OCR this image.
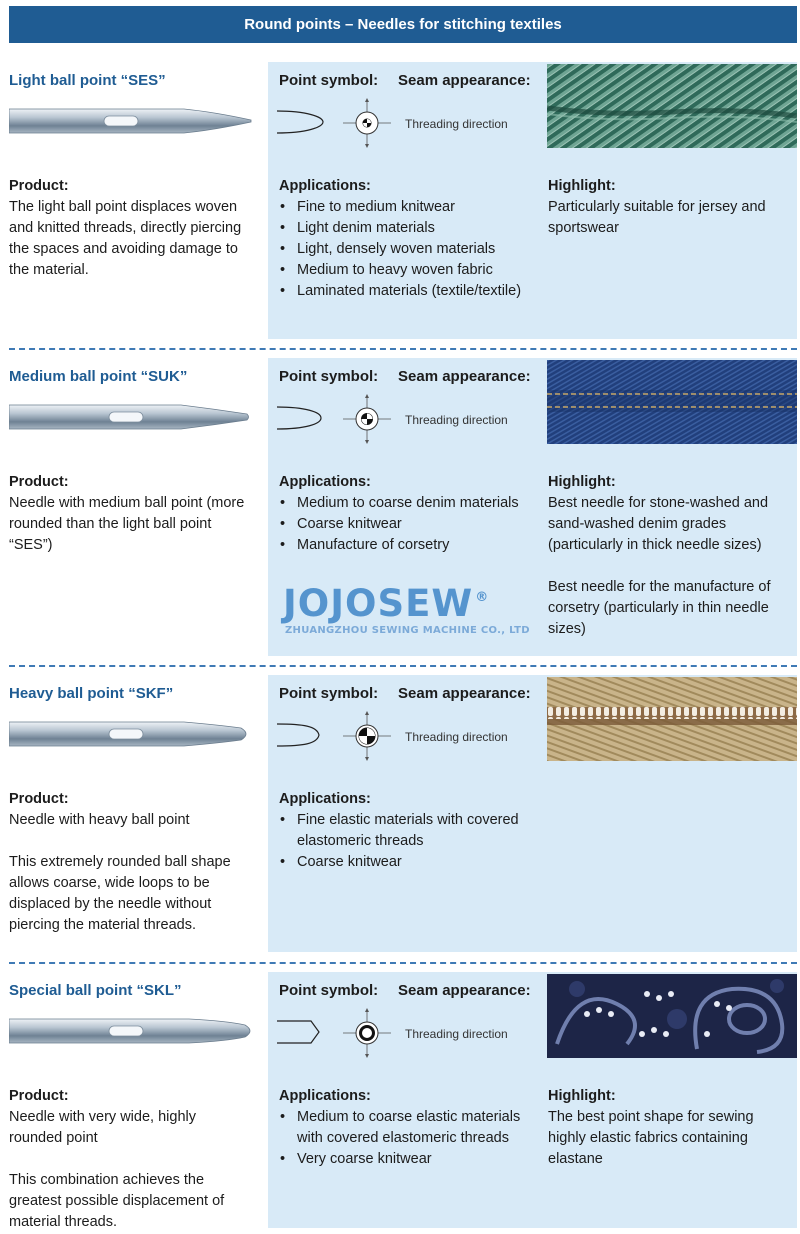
Round points – Needles for stitching textiles
Light ball point “SES”	Point symbol: Seam appearance:
Threading direction
Product:
The light ball point displaces woven and knitted threads, directly piercing the spaces and avoiding damage to the material.
Applications:
• Fine to medium knitwear
• Light denim materials
• Light, densely woven materials
• Medium to heavy woven fabric
• Laminated materials (textile/textile)
Highlight:
Particularly suitable for jersey and sportswear
Medium ball point “SUK”	Point symbol: Seam appearance:
Threading direction
Product:
Needle with medium ball point (more rounded than the light ball point “SES”)
Applications:
• Medium to coarse denim materials
• Coarse knitwear
• Manufacture of corsetry
Highlight:
Best needle for stone-washed and sand-washed denim grades (particularly in thick needle sizes)
Best needle for the manufacture of corsetry (particularly in thin needle sizes)
JOJOSEW ®
ZHUANGZHOU SEWING MACHINE CO., LTD
Heavy ball point “SKF”	Point symbol: Seam appearance:
Threading direction
Product:
Needle with heavy ball point
This extremely rounded ball shape allows coarse, wide loops to be displaced by the needle without piercing the material threads.
Applications:
• Fine elastic materials with covered elastomeric threads
• Coarse knitwear
Special ball point “SKL”	Point symbol: Seam appearance:
Threading direction
Product:
Needle with very wide, highly rounded point
This combination achieves the greatest possible displacement of material threads.
Applications:
• Medium to coarse elastic materials with covered elastomeric threads
• Very coarse knitwear
Highlight:
The best point shape for sewing highly elastic fabrics containing elastane
